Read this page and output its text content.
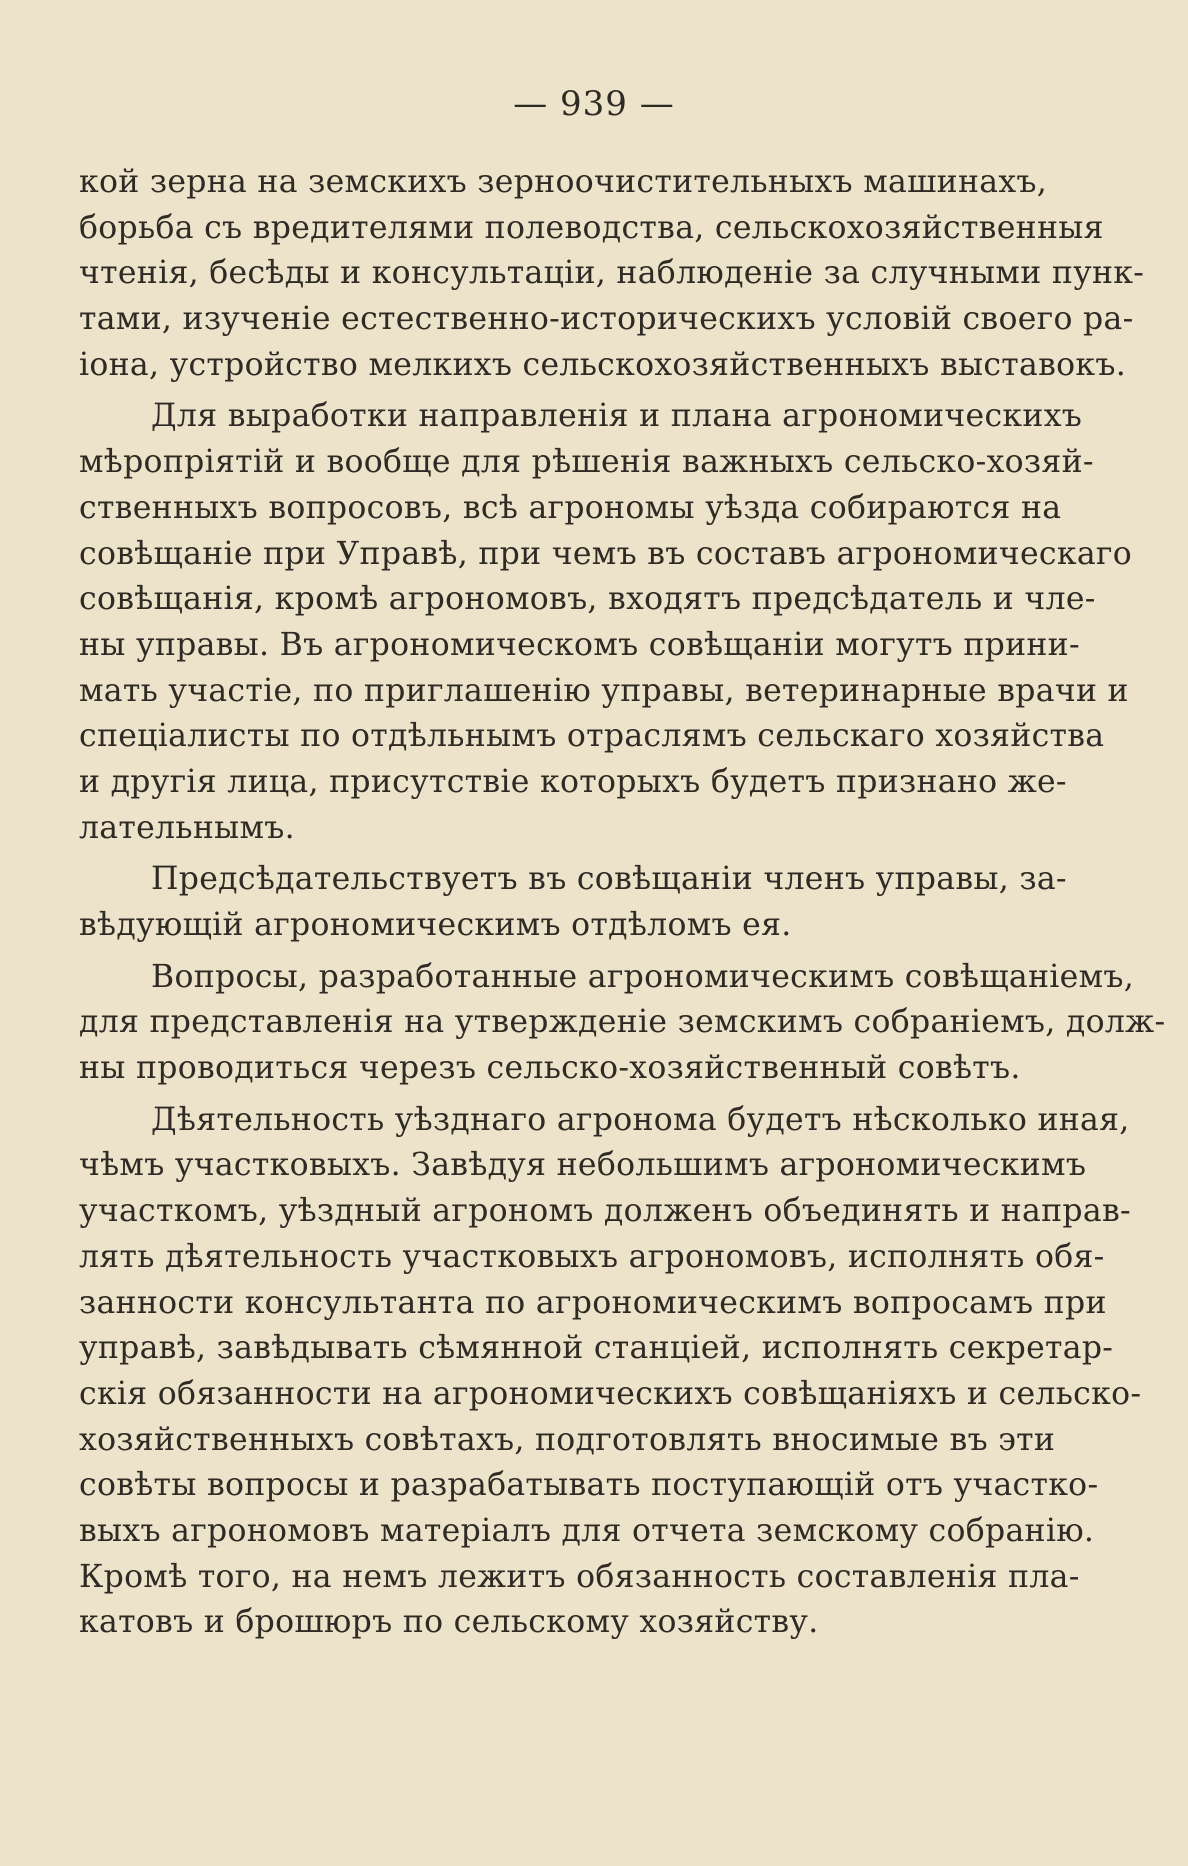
— 939 —
кой зерна на земскихъ зерноочистительныхъ машинахъ,
борьба съ вредителями полеводства, сельскохозяйственныя
чтенія, бесѣды и консультаціи, наблюденіе за случными пунк-
тами, изученіе естественно-историческихъ условій своего ра-
іона, устройство мелкихъ сельскохозяйственныхъ выставокъ.
Для выработки направленія и плана агрономическихъ
мѣропріятій и вообще для рѣшенія важныхъ сельско-хозяй-
ственныхъ вопросовъ, всѣ агрономы уѣзда собираются на
совѣщаніе при Управѣ, при чемъ въ составъ агрономическаго
совѣщанія, кромѣ агрономовъ, входятъ предсѣдатель и чле-
ны управы. Въ агрономическомъ совѣщаніи могутъ прини-
мать участіе, по приглашенію управы, ветеринарные врачи и
спеціалисты по отдѣльнымъ отраслямъ сельскаго хозяйства
и другія лица, присутствіе которыхъ будетъ признано же-
лательнымъ.
Предсѣдательствуетъ въ совѣщаніи членъ управы, за-
вѣдующій агрономическимъ отдѣломъ ея.
Вопросы, разработанные агрономическимъ совѣщаніемъ,
для представленія на утвержденіе земскимъ собраніемъ, долж-
ны проводиться черезъ сельско-хозяйственный совѣтъ.
Дѣятельность уѣзднаго агронома будетъ нѣсколько иная,
чѣмъ участковыхъ. Завѣдуя небольшимъ агрономическимъ
участкомъ, уѣздный агрономъ долженъ объединять и направ-
лять дѣятельность участковыхъ агрономовъ, исполнять обя-
занности консультанта по агрономическимъ вопросамъ при
управѣ, завѣдывать сѣмянной станціей, исполнять секретар-
скія обязанности на агрономическихъ совѣщаніяхъ и сельско-
хозяйственныхъ совѣтахъ, подготовлять вносимые въ эти
совѣты вопросы и разрабатывать поступающій отъ участко-
выхъ агрономовъ матеріалъ для отчета земскому собранію.
Кромѣ того, на немъ лежитъ обязанность составленія пла-
катовъ и брошюръ по сельскому хозяйству.
